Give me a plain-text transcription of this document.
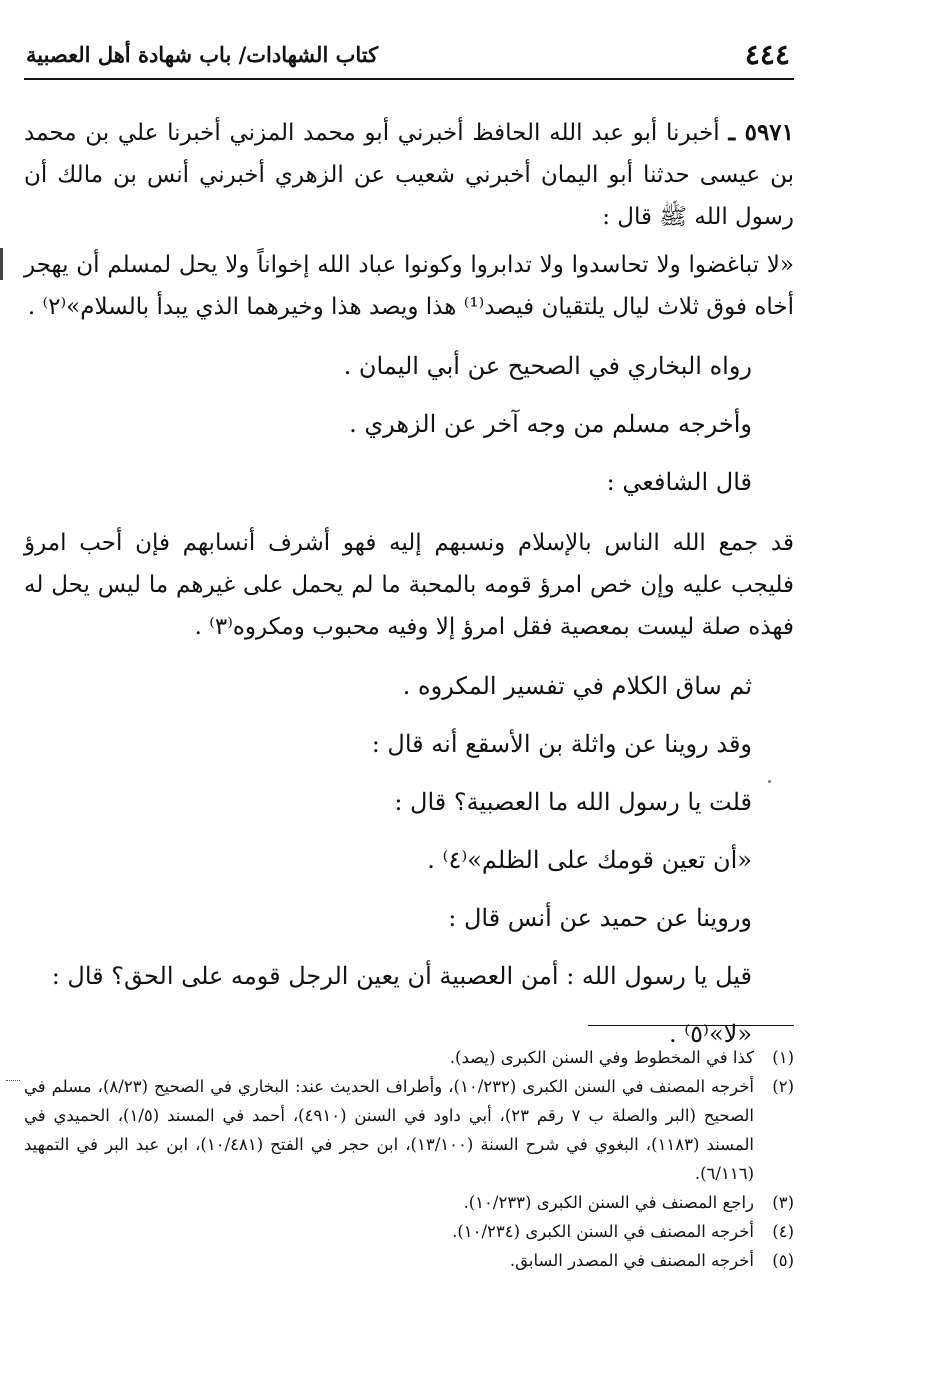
٤٤٤
كتاب الشهادات/ باب شهادة أهل العصبية

٥٩٧١ ـ أخبرنا أبو عبد الله الحافظ أخبرني أبو محمد المزني أخبرنا علي بن محمد بن عيسى حدثنا أبو اليمان أخبرني شعيب عن الزهري أخبرني أنس بن مالك أن رسول الله ﷺ قال :

«لا تباغضوا ولا تحاسدوا ولا تدابروا وكونوا عباد الله إخواناً ولا يحل لمسلم أن يهجر أخاه فوق ثلاث ليال يلتقيان فيصد⁽¹⁾ هذا ويصد هذا وخيرهما الذي يبدأ بالسلام»⁽٢⁾ .

رواه البخاري في الصحيح عن أبي اليمان .
وأخرجه مسلم من وجه آخر عن الزهري .
قال الشافعي :

قد جمع الله الناس بالإسلام ونسبهم إليه فهو أشرف أنسابهم فإن أحب امرؤ فليجب عليه وإن خص امرؤ قومه بالمحبة ما لم يحمل على غيرهم ما ليس يحل له فهذه صلة ليست بمعصية فقل امرؤ إلا وفيه محبوب ومكروه⁽٣⁾ .

ثم ساق الكلام في تفسير المكروه .
وقد روينا عن واثلة بن الأسقع أنه قال :
قلت يا رسول الله ما العصبية؟ قال :
«أن تعين قومك على الظلم»⁽٤⁾ .
وروينا عن حميد عن أنس قال :
قيل يا رسول الله : أمن العصبية أن يعين الرجل قومه على الحق؟ قال :
«لا»⁽٥⁾ .
(١)
كذا في المخطوط وفي السنن الكبرى (يصد).
(٢)
أخرجه المصنف في السنن الكبرى (١٠/٢٣٢)، وأطراف الحديث عند: البخاري في الصحيح (٨/٢٣)، مسلم في الصحيح (البر والصلة ب ٧ رقم ٢٣)، أبي داود في السنن (٤٩١٠)، أحمد في المسند (١/٥)، الحميدي في المسند (١١٨٣)، البغوي في شرح السنة (١٣/١٠٠)، ابن حجر في الفتح (١٠/٤٨١)، ابن عبد البر في التمهيد (٦/١١٦).
(٣)
راجع المصنف في السنن الكبرى (١٠/٢٣٣).
(٤)
أخرجه المصنف في السنن الكبرى (١٠/٢٣٤).
(٥)
أخرجه المصنف في المصدر السابق.
